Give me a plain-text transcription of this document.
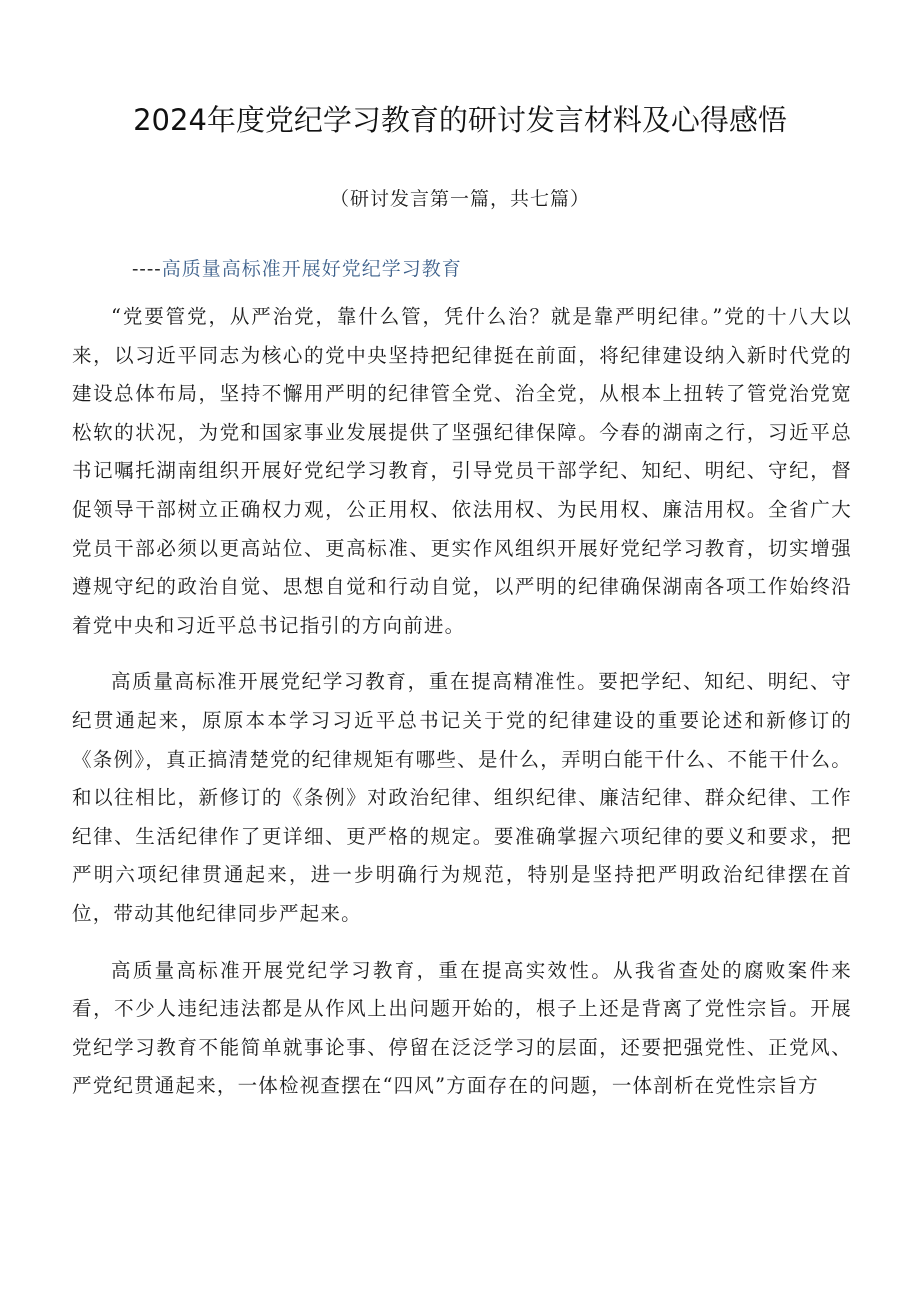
2024年度党纪学习教育的研讨发言材料及心得感悟

（研讨发言第一篇，共七篇）

----高质量高标准开展好党纪学习教育

“党要管党，从严治党，靠什么管，凭什么治？就是靠严明纪律。”党的十八大以来，以习近平同志为核心的党中央坚持把纪律挺在前面，将纪律建设纳入新时代党的建设总体布局，坚持不懈用严明的纪律管全党、治全党，从根本上扭转了管党治党宽松软的状况，为党和国家事业发展提供了坚强纪律保障。今春的湖南之行，习近平总书记嘱托湖南组织开展好党纪学习教育，引导党员干部学纪、知纪、明纪、守纪，督促领导干部树立正确权力观，公正用权、依法用权、为民用权、廉洁用权。全省广大党员干部必须以更高站位、更高标准、更实作风组织开展好党纪学习教育，切实增强遵规守纪的政治自觉、思想自觉和行动自觉，以严明的纪律确保湖南各项工作始终沿着党中央和习近平总书记指引的方向前进。

高质量高标准开展党纪学习教育，重在提高精准性。要把学纪、知纪、明纪、守纪贯通起来，原原本本学习习近平总书记关于党的纪律建设的重要论述和新修订的《条例》，真正搞清楚党的纪律规矩有哪些、是什么，弄明白能干什么、不能干什么。和以往相比，新修订的《条例》对政治纪律、组织纪律、廉洁纪律、群众纪律、工作纪律、生活纪律作了更详细、更严格的规定。要准确掌握六项纪律的要义和要求，把严明六项纪律贯通起来，进一步明确行为规范，特别是坚持把严明政治纪律摆在首位，带动其他纪律同步严起来。

高质量高标准开展党纪学习教育，重在提高实效性。从我省查处的腐败案件来看，不少人违纪违法都是从作风上出问题开始的，根子上还是背离了党性宗旨。开展党纪学习教育不能简单就事论事、停留在泛泛学习的层面，还要把强党性、正党风、严党纪贯通起来，一体检视查摆在“四风”方面存在的问题，一体剖析在党性宗旨方
